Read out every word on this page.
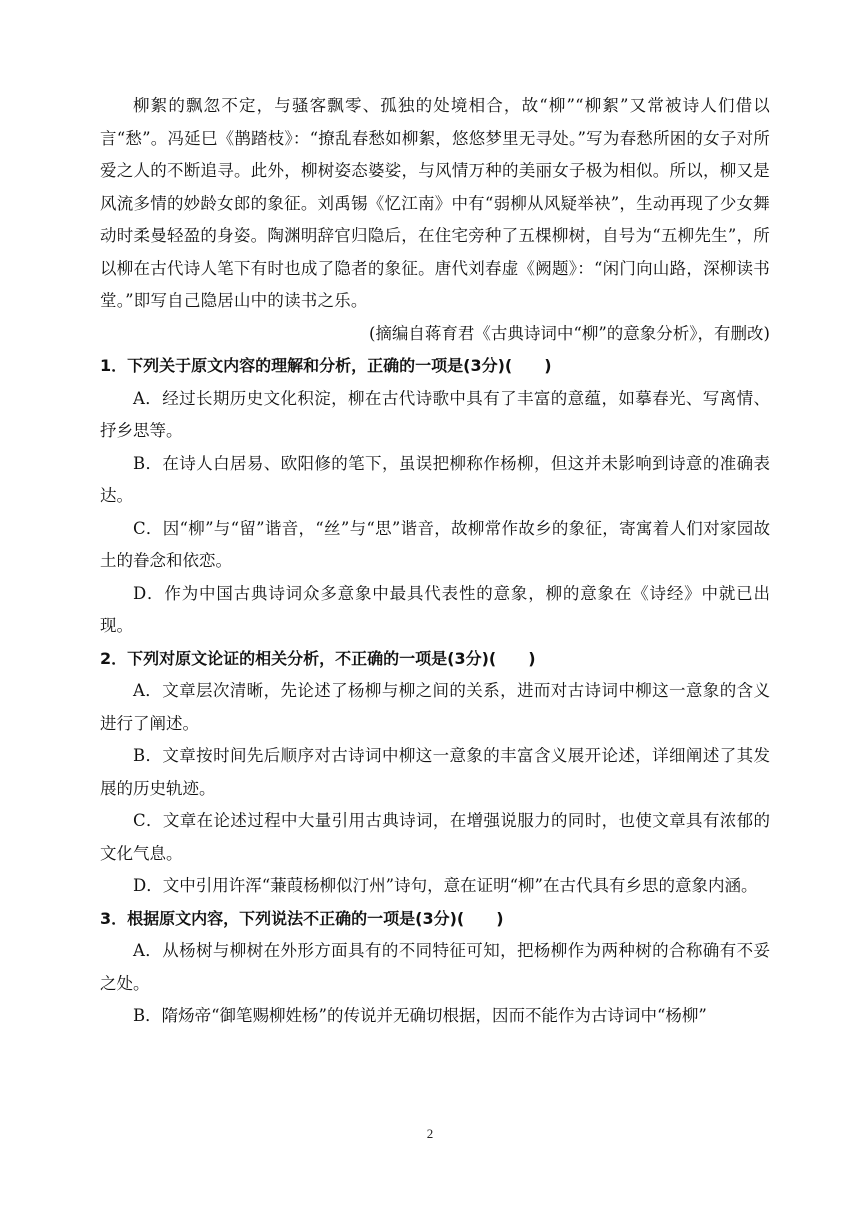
柳絮的飘忽不定，与骚客飘零、孤独的处境相合，故“柳”“柳絮”又常被诗人们借以言“愁”。冯延巳《鹊踏枝》：“撩乱春愁如柳絮，悠悠梦里无寻处。”写为春愁所困的女子对所爱之人的不断追寻。此外，柳树姿态婆娑，与风情万种的美丽女子极为相似。所以，柳又是风流多情的妙龄女郎的象征。刘禹锡《忆江南》中有“弱柳从风疑举袂”，生动再现了少女舞动时柔曼轻盈的身姿。陶渊明辞官归隐后，在住宅旁种了五棵柳树，自号为“五柳先生”，所以柳在古代诗人笔下有时也成了隐者的象征。唐代刘春虚《阙题》：“闲门向山路，深柳读书堂。”即写自己隐居山中的读书之乐。

(摘编自蒋育君《古典诗词中“柳”的意象分析》，有删改)

1．下列关于原文内容的理解和分析，正确的一项是(3分)(　　)

A．经过长期历史文化积淀，柳在古代诗歌中具有了丰富的意蕴，如摹春光、写离情、抒乡思等。

B．在诗人白居易、欧阳修的笔下，虽误把柳称作杨柳，但这并未影响到诗意的准确表达。

C．因“柳”与“留”谐音，“丝”与“思”谐音，故柳常作故乡的象征，寄寓着人们对家园故土的眷念和依恋。

D．作为中国古典诗词众多意象中最具代表性的意象，柳的意象在《诗经》中就已出现。

2．下列对原文论证的相关分析，不正确的一项是(3分)(　　)

A．文章层次清晰，先论述了杨柳与柳之间的关系，进而对古诗词中柳这一意象的含义进行了阐述。

B．文章按时间先后顺序对古诗词中柳这一意象的丰富含义展开论述，详细阐述了其发展的历史轨迹。

C．文章在论述过程中大量引用古典诗词，在增强说服力的同时，也使文章具有浓郁的文化气息。

D．文中引用许浑“蒹葭杨柳似汀州”诗句，意在证明“柳”在古代具有乡思的意象内涵。

3．根据原文内容，下列说法不正确的一项是(3分)(　　)

A．从杨树与柳树在外形方面具有的不同特征可知，把杨柳作为两种树的合称确有不妥之处。

B．隋炀帝“御笔赐柳姓杨”的传说并无确切根据，因而不能作为古诗词中“杨柳”

2
